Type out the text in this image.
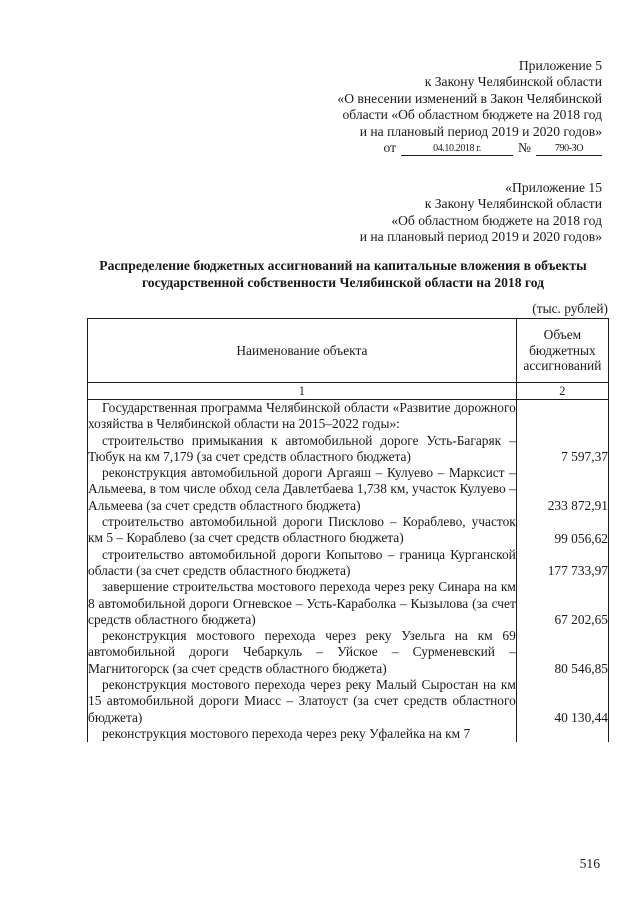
Приложение 5
к Закону Челябинской области
«О внесении изменений в Закон Челябинской
области «Об областном бюджете на 2018 год
и на плановый период 2019 и 2020 годов»
от	04.10.2018 г.	№	790-ЗО
«Приложение 15
к Закону Челябинской области
«Об областном бюджете на 2018 год
и на плановый период 2019 и 2020 годов»
Распределение бюджетных ассигнований на капитальные вложения в объекты
государственной собственности Челябинской области на 2018 год
(тыс. рублей)
Наименование объекта	Объем
бюджетных
ассигнований

1	2

Государственная программа Челябинской области «Развитие дорожного хозяйства в Челябинской области на 2015–2022 годы»:	

строительство примыкания к автомобильной дороге Усть-Багаряк – Тюбук на км 7,179 (за счет средств областного бюджета)	7 597,37

реконструкция автомобильной дороги Аргаяш – Кулуево – Марксист – Альмеева, в том числе обход села Давлетбаева 1,738 км, участок Кулуево – Альмеева (за счет средств областного бюджета)	233 872,91

строительство автомобильной дороги Писклово – Кораблево, участок км 5 – Кораблево (за счет средств областного бюджета)	99 056,62

строительство автомобильной дороги Копытово – граница Курганской области (за счет средств областного бюджета)	177 733,97

завершение строительства мостового перехода через реку Синара на км 8 автомобильной дороги Огневское – Усть-Караболка – Кызылова (за счет средств областного бюджета)	67 202,65

реконструкция мостового перехода через реку Узельга на км 69 автомобильной дороги Чебаркуль – Уйское – Сурменевский – Магнитогорск (за счет средств областного бюджета)	80 546,85

реконструкция мостового перехода через реку Малый Сыростан на км 15 автомобильной дороги Миасс – Златоуст (за счет средств областного бюджета)	40 130,44

реконструкция мостового перехода через реку Уфалейка на км 7	

516
